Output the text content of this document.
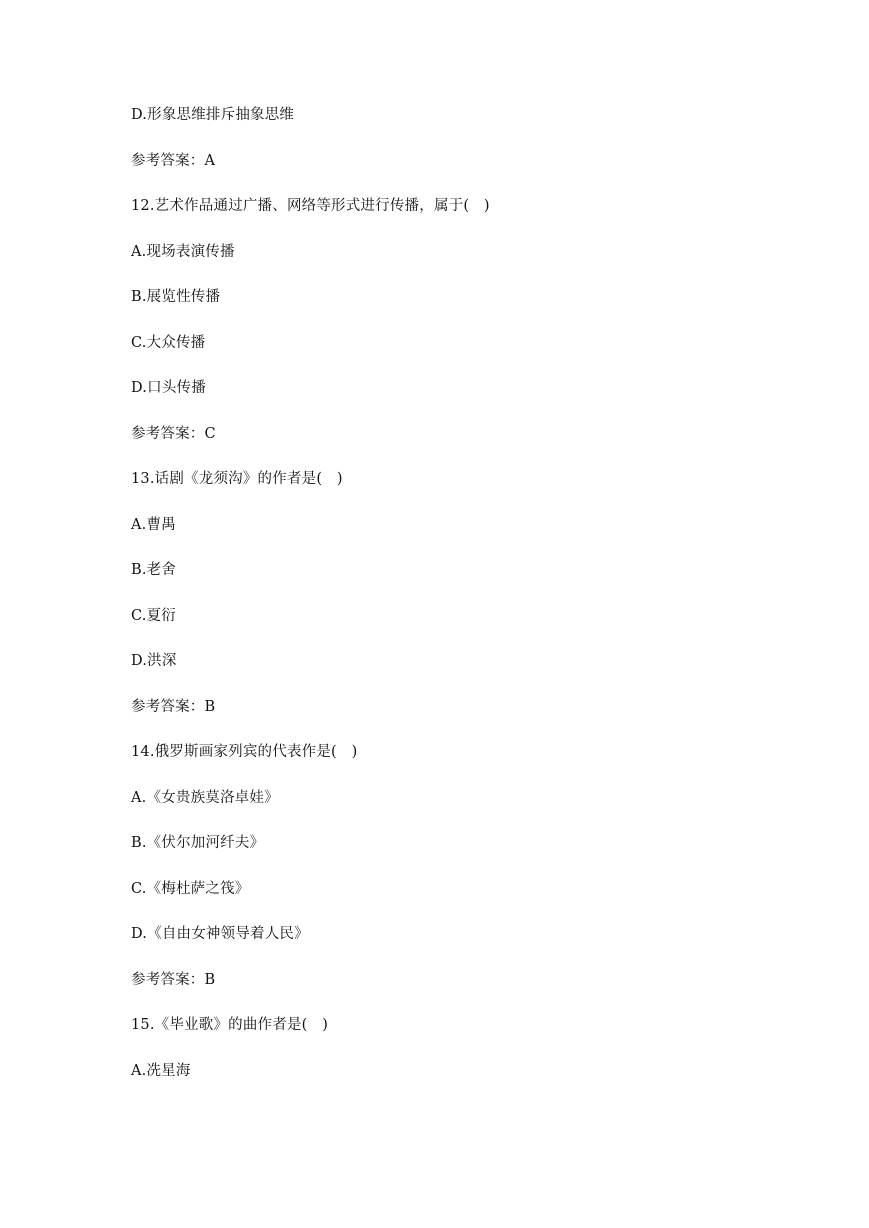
D.形象思维排斥抽象思维
参考答案：A
12.艺术作品通过广播、网络等形式进行传播，属于(　)
A.现场表演传播
B.展览性传播
C.大众传播
D.口头传播
参考答案：C
13.话剧《龙须沟》的作者是(　)
A.曹禺
B.老舍
C.夏衍
D.洪深
参考答案：B
14.俄罗斯画家列宾的代表作是(　)
A.《女贵族莫洛卓娃》
B.《伏尔加河纤夫》
C.《梅杜萨之筏》
D.《自由女神领导着人民》
参考答案：B
15.《毕业歌》的曲作者是(　)
A.冼星海
